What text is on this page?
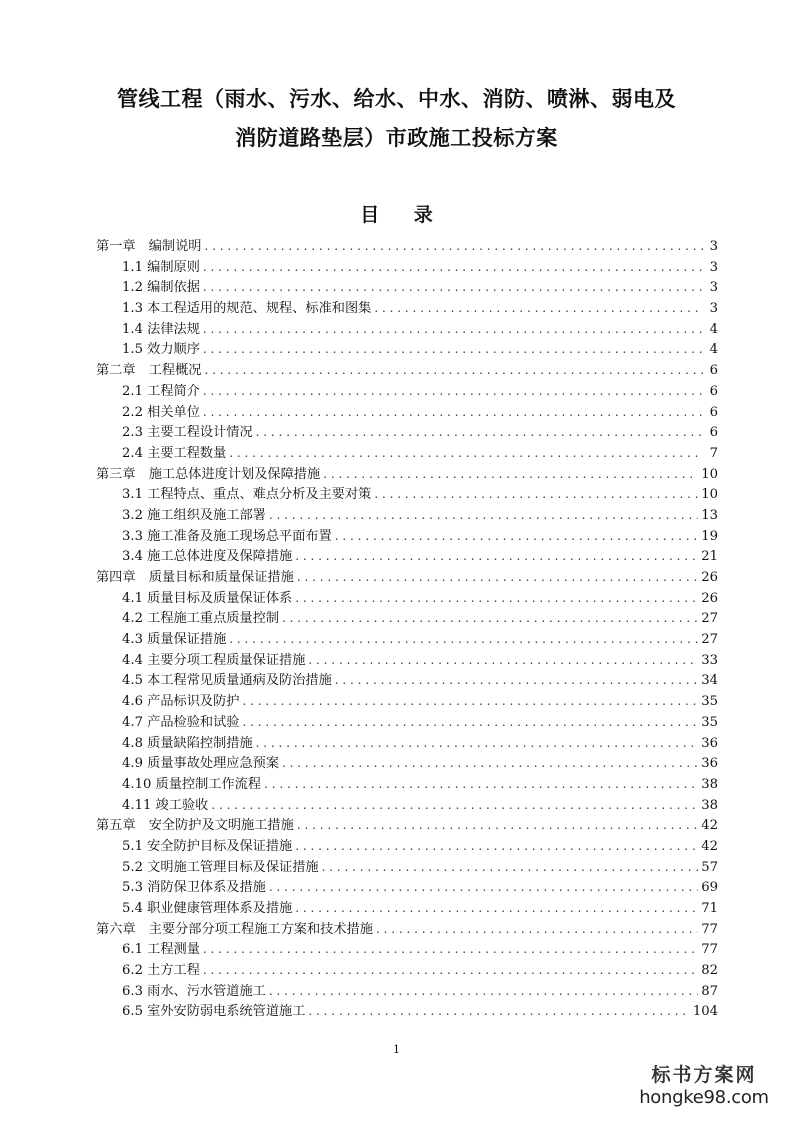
管线工程（雨水、污水、给水、中水、消防、喷淋、弱电及
消防道路垫层）市政施工投标方案
目 录
第一章　编制说明 . . .	3
1.1 编制原则 . . .	3
1.2 编制依据 . . .	3
1.3 本工程适用的规范、规程、标准和图集 . . .	3
1.4 法律法规 . . .	4
1.5 效力顺序 . . .	4
第二章　工程概况 . . .	6
2.1 工程简介 . . .	6
2.2 相关单位 . . .	6
2.3 主要工程设计情况 . . .	6
2.4 主要工程数量 . . .	7
第三章　施工总体进度计划及保障措施 . . .	10
3.1 工程特点、重点、难点分析及主要对策 . . .	10
3.2 施工组织及施工部署 . . .	13
3.3 施工准备及施工现场总平面布置 . . .	19
3.4 施工总体进度及保障措施 . . .	21
第四章　质量目标和质量保证措施 . . .	26
4.1 质量目标及质量保证体系 . . .	26
4.2 工程施工重点质量控制 . . .	27
4.3 质量保证措施 . . .	27
4.4 主要分项工程质量保证措施 . . .	33
4.5 本工程常见质量通病及防治措施 . . .	34
4.6 产品标识及防护 . . .	35
4.7 产品检验和试验 . . .	35
4.8 质量缺陷控制措施 . . .	36
4.9 质量事故处理应急预案 . . .	36
4.10 质量控制工作流程 . . .	38
4.11 竣工验收 . . .	38
第五章　安全防护及文明施工措施 . . .	42
5.1 安全防护目标及保证措施 . . .	42
5.2 文明施工管理目标及保证措施 . . .	57
5.3 消防保卫体系及措施 . . .	69
5.4 职业健康管理体系及措施 . . .	71
第六章　主要分部分项工程施工方案和技术措施 . . .	77
6.1 工程测量 . . .	77
6.2 土方工程 . . .	82
6.3 雨水、污水管道施工 . . .	87
6.5 室外安防弱电系统管道施工 . . .	104
1
标书方案网
hongke98.com
